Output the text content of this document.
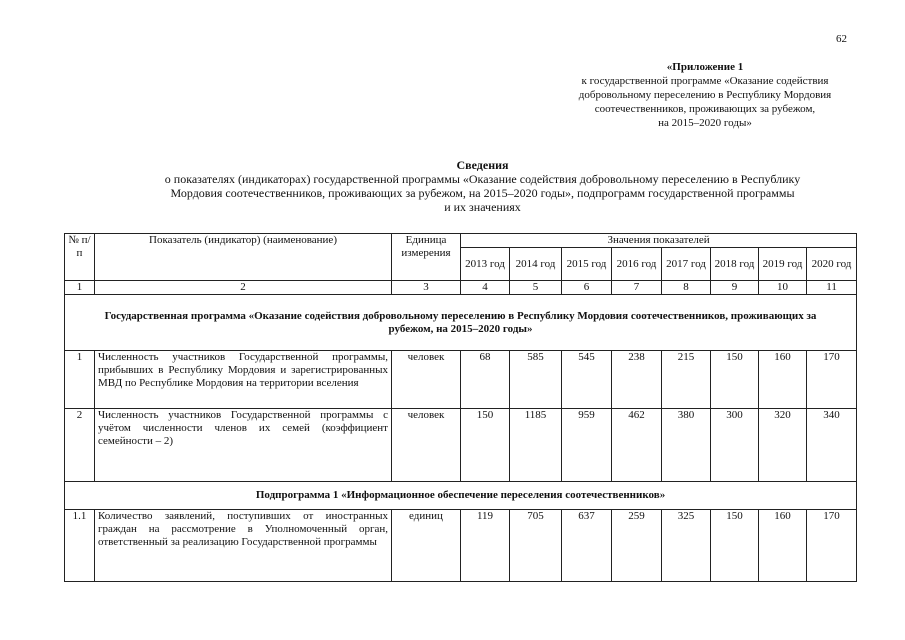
62
«Приложение 1
к государственной программе «Оказание содействия
добровольному переселению в Республику Мордовия
соотечественников, проживающих за рубежом,
на 2015–2020 годы»
Сведения
о показателях (индикаторах) государственной программы «Оказание содействия добровольному переселению в Республику
Мордовия соотечественников, проживающих за рубежом, на 2015–2020 годы», подпрограмм государственной программы
и их значениях
№ п/п	Показатель (индикатор) (наименование)	Единица измерения	Значения показателей							
			2013 год	2014 год	2015 год	2016 год	2017 год	2018 год	2019 год	2020 год
1	2	3	4	5	6	7	8	9	10	11
Государственная программа «Оказание содействия добровольному переселению в Республику Мордовия соотечественников, проживающих за рубежом, на 2015–2020 годы»										
1	Численность участников Государственной программы, прибывших в Республику Мордовия и зарегистрированных МВД по Республике Мордовия на территории вселения	человек	68	585	545	238	215	150	160	170
2	Численность участников Государственной программы с учётом численности членов их семей (коэффициент семейности – 2)	человек	150	1185	959	462	380	300	320	340
Подпрограмма 1 «Информационное обеспечение переселения соотечественников»										
1.1	Количество заявлений, поступивших от иностранных граждан на рассмотрение в Уполномоченный орган, ответственный за реализацию Государственной программы	единиц	119	705	637	259	325	150	160	170
